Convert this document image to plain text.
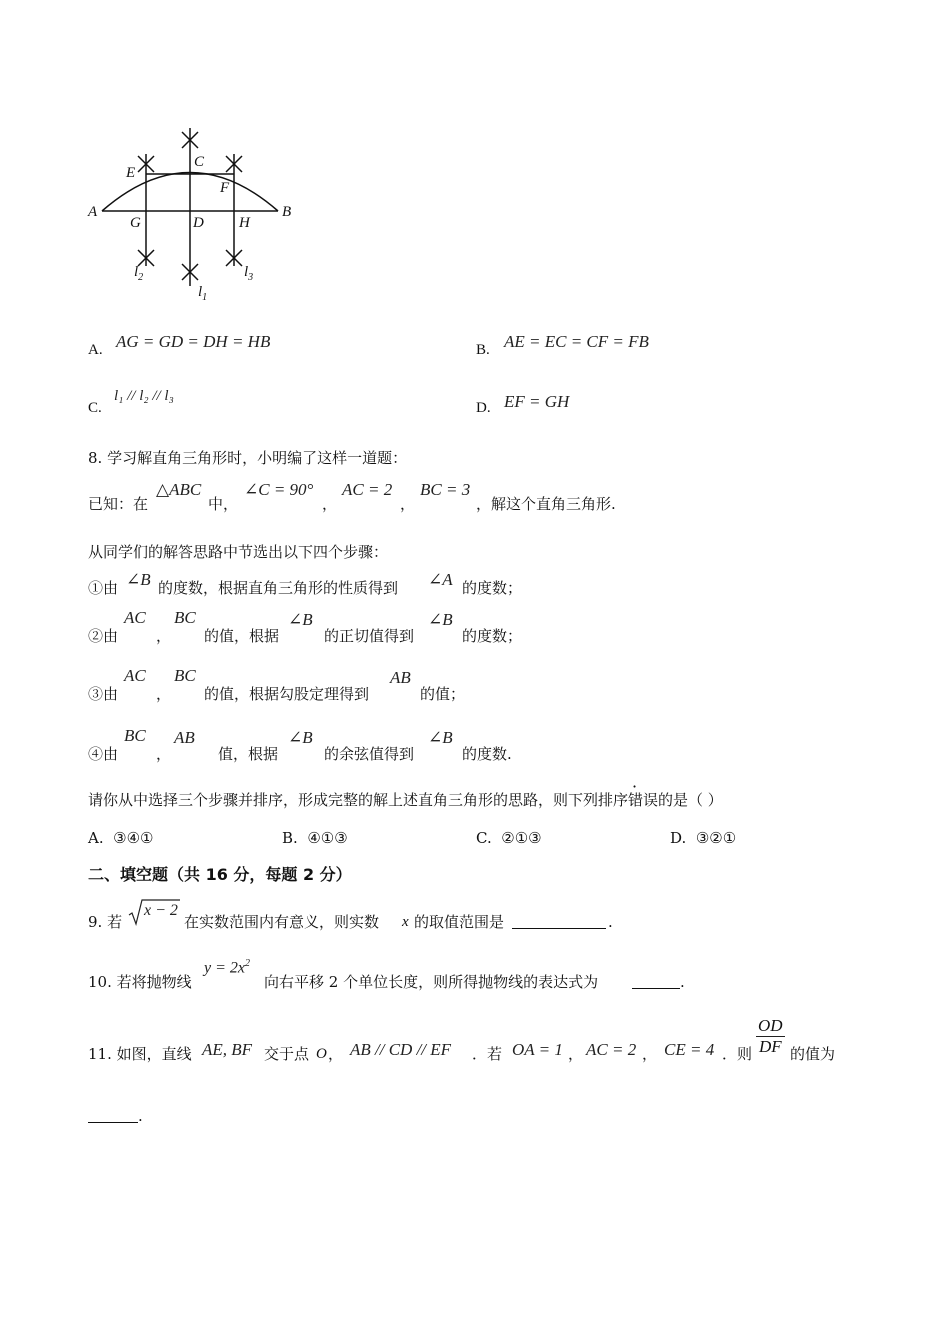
A	B
C
D
E
F
G	H
$l_2$
$l_1$
$l_3$
A. AG = GD = DH = HB	B. AE = EC = CF = FB
C.
l₁ // l₂ // l₃
D. EF = GH
8. 学习解直角三角形时，小明编了这样一道题：
已知：在
△ABC
中，
∠C = 90°
，
AC = 2
，
BC = 3
，解这个直角三角形.
从同学们的解答思路中节选出以下四个步骤：
①由 ∠B 的度数，根据直角三角形的性质得到 ∠A 的度数；
②由
AC
，
BC
的值，根据
∠B
的正切值得到
∠B
的度数；
③由
AC
，
BC
的值，根据勾股定理得到
AB
的值；
④由
BC
，
AB
值，根据
∠B
的余弦值得到
∠B
的度数.
请你从中选择三个步骤并排序，形成完整的解上述直角三角形的思路，则下列排序错误的是（ ）
A. ③④①	B. ④①③	C. ②①③	D. ③②①
二、填空题（共 16 分，每题 2 分）
9. 若
x − 2
在实数范围内有意义，则实数 x 的取值范围是	.
10. 若将抛物线
$y = 2x^2$
向右平移 2 个单位长度，则所得抛物线的表达式为	.
11. 如图，直线 AE, BF 交于点 O ， AB // CD // EF ．若 OA = 1 ， AC = 2 ， CE = 4 ．则 $\frac{OD}{DF}$ 的值为
.
